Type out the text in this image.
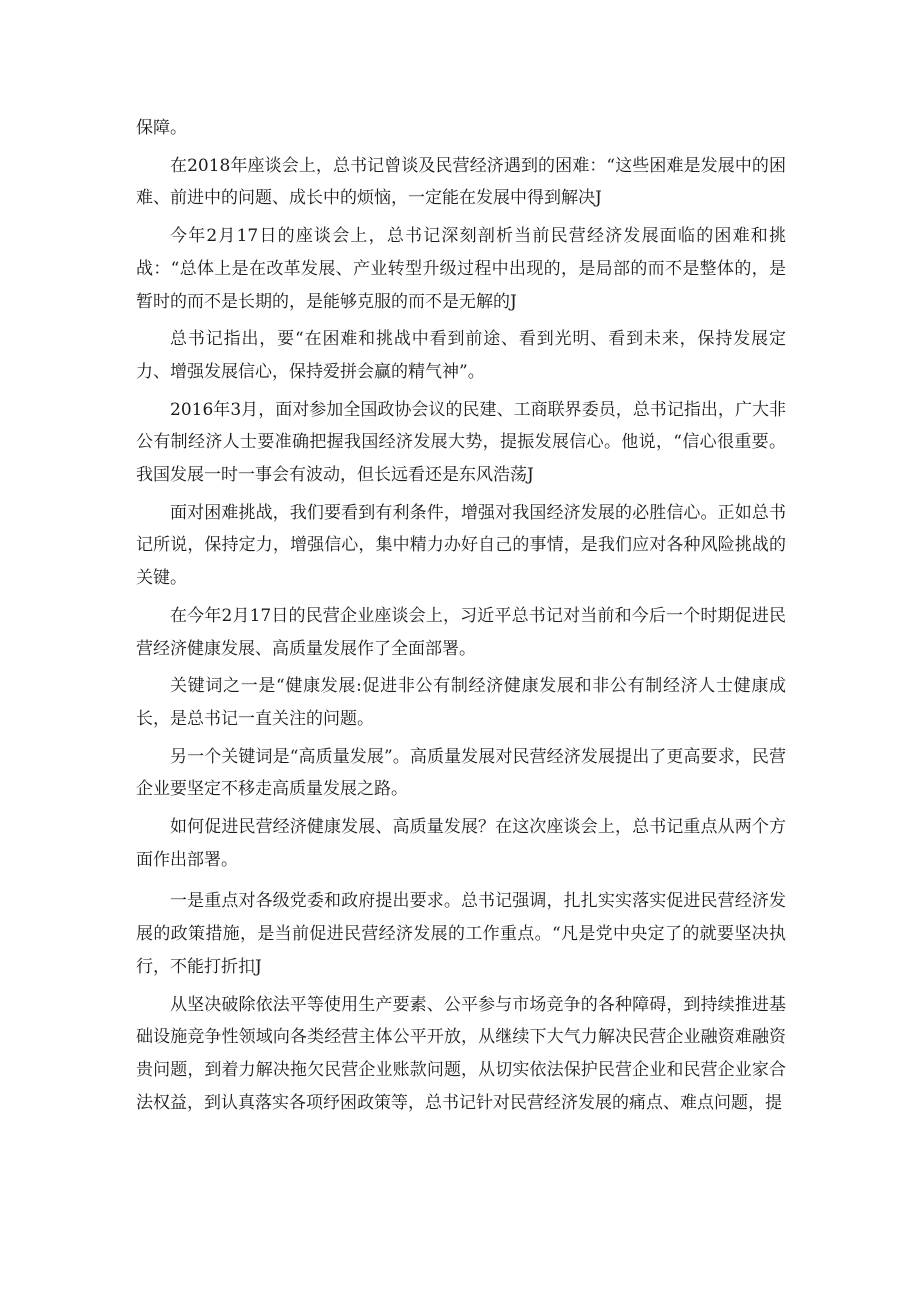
保障。

在2018年座谈会上，总书记曾谈及民营经济遇到的困难：“这些困难是发展中的困难、前进中的问题、成长中的烦恼，一定能在发展中得到解决J

今年2月17日的座谈会上，总书记深刻剖析当前民营经济发展面临的困难和挑战：“总体上是在改革发展、产业转型升级过程中出现的，是局部的而不是整体的，是暂时的而不是长期的，是能够克服的而不是无解的J

总书记指出，要“在困难和挑战中看到前途、看到光明、看到未来，保持发展定力、增强发展信心，保持爱拼会赢的精气神”。

2016年3月，面对参加全国政协会议的民建、工商联界委员，总书记指出，广大非公有制经济人士要准确把握我国经济发展大势，提振发展信心。他说，“信心很重要。我国发展一时一事会有波动，但长远看还是东风浩荡J

面对困难挑战，我们要看到有利条件，增强对我国经济发展的必胜信心。正如总书记所说，保持定力，增强信心，集中精力办好自己的事情，是我们应对各种风险挑战的关键。

在今年2月17日的民营企业座谈会上，习近平总书记对当前和今后一个时期促进民营经济健康发展、高质量发展作了全面部署。

关键词之一是“健康发展:促进非公有制经济健康发展和非公有制经济人士健康成长，是总书记一直关注的问题。

另一个关键词是“高质量发展”。高质量发展对民营经济发展提出了更高要求，民营企业要坚定不移走高质量发展之路。

如何促进民营经济健康发展、高质量发展？在这次座谈会上，总书记重点从两个方面作出部署。

一是重点对各级党委和政府提出要求。总书记强调，扎扎实实落实促进民营经济发展的政策措施，是当前促进民营经济发展的工作重点。“凡是党中央定了的就要坚决执行，不能打折扣J

从坚决破除依法平等使用生产要素、公平参与市场竞争的各种障碍，到持续推进基础设施竞争性领域向各类经营主体公平开放，从继续下大气力解决民营企业融资难融资贵问题，到着力解决拖欠民营企业账款问题，从切实依法保护民营企业和民营企业家合法权益，到认真落实各项纾困政策等，总书记针对民营经济发展的痛点、难点问题，提
